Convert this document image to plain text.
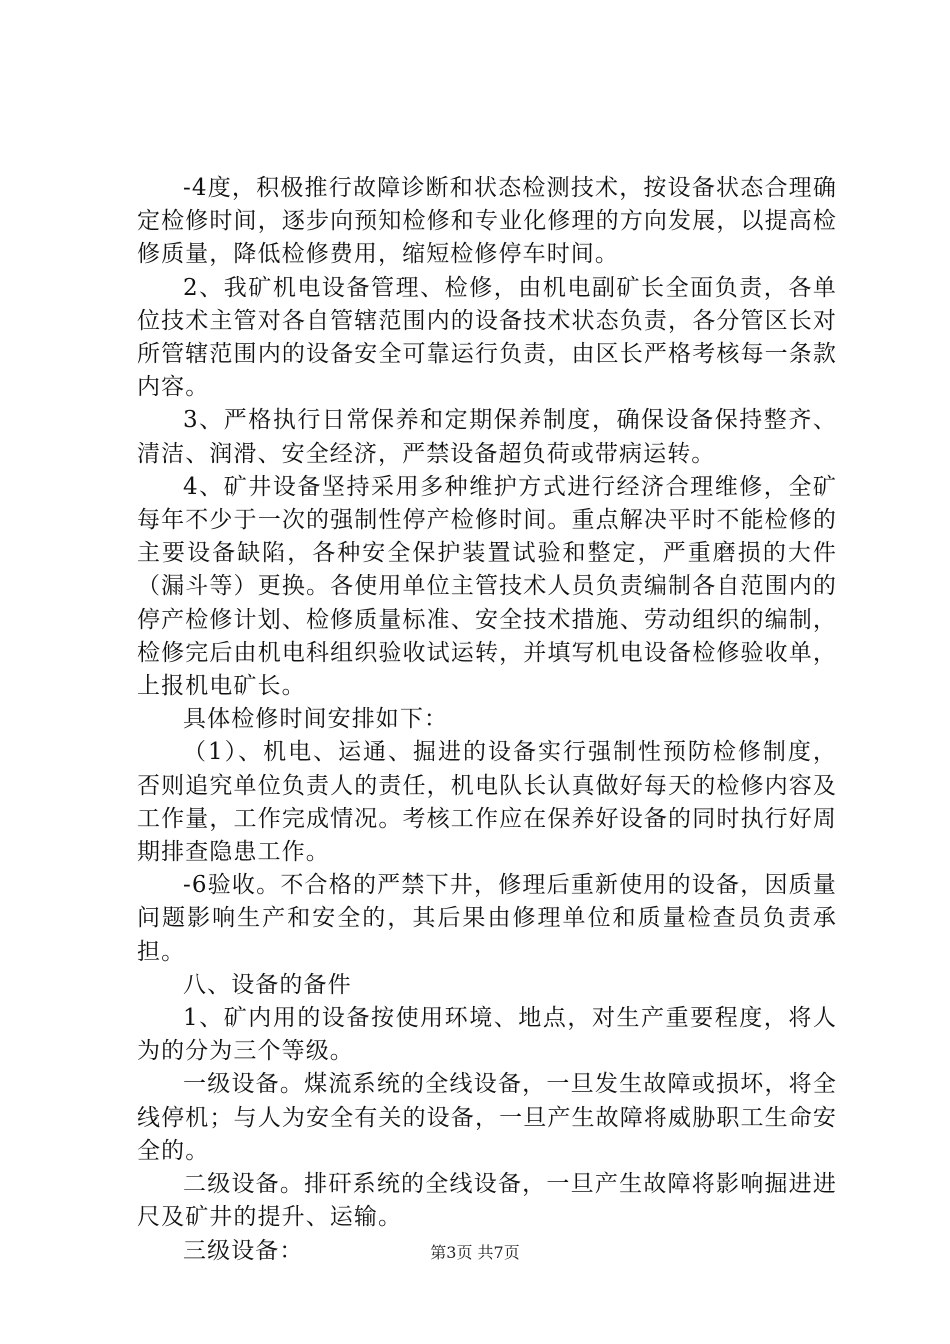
-4度，积极推行故障诊断和状态检测技术，按设备状态合理确定检修时间，逐步向预知检修和专业化修理的方向发展，以提高检修质量，降低检修费用，缩短检修停车时间。

2、我矿机电设备管理、检修，由机电副矿长全面负责，各单位技术主管对各自管辖范围内的设备技术状态负责，各分管区长对所管辖范围内的设备安全可靠运行负责，由区长严格考核每一条款内容。

3、严格执行日常保养和定期保养制度，确保设备保持整齐、清洁、润滑、安全经济，严禁设备超负荷或带病运转。

4、矿井设备坚持采用多种维护方式进行经济合理维修，全矿每年不少于一次的强制性停产检修时间。重点解决平时不能检修的主要设备缺陷，各种安全保护装置试验和整定，严重磨损的大件（漏斗等）更换。各使用单位主管技术人员负责编制各自范围内的停产检修计划、检修质量标准、安全技术措施、劳动组织的编制，检修完后由机电科组织验收试运转，并填写机电设备检修验收单，上报机电矿长。

具体检修时间安排如下：

（1）、机电、运通、掘进的设备实行强制性预防检修制度，否则追究单位负责人的责任，机电队长认真做好每天的检修内容及工作量，工作完成情况。考核工作应在保养好设备的同时执行好周期排查隐患工作。

-6验收。不合格的严禁下井，修理后重新使用的设备，因质量问题影响生产和安全的，其后果由修理单位和质量检查员负责承担。

八、设备的备件

1、矿内用的设备按使用环境、地点，对生产重要程度，将人为的分为三个等级。

一级设备。煤流系统的全线设备，一旦发生故障或损坏，将全线停机；与人为安全有关的设备，一旦产生故障将威胁职工生命安全的。

二级设备。排矸系统的全线设备，一旦产生故障将影响掘进进尺及矿井的提升、运输。

三级设备：	第3页 共7页
